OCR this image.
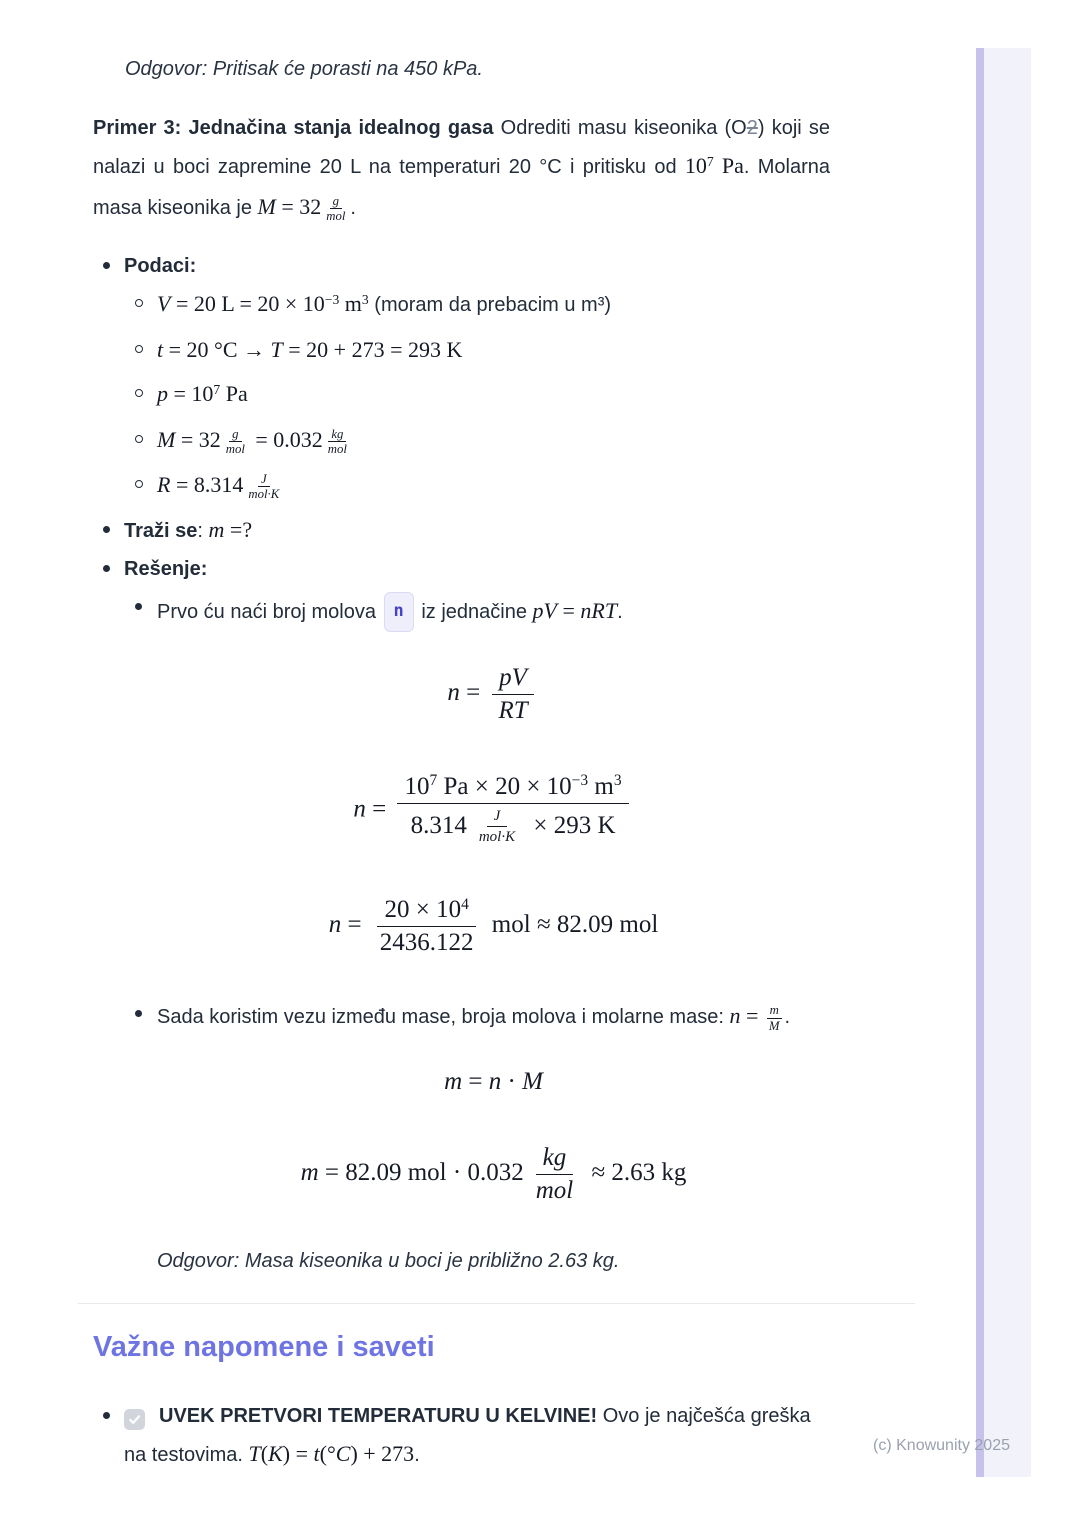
(c) Knowunity 2025

Odgovor: Pritisak će porasti na 450 kPa.

Primer 3: Jednačina stanja idealnog gasa Odrediti masu kiseonika (O2) koji se nalazi u boci zapremine 20 L na temperaturi 20 °C i pritisku od $10^7$ Pa. Molarna masa kiseonika je $M = 32 \frac{g}{\text{mol}}$ .

Podaci:
V = 20 $L = 20 \times 10^{-3}$ $m^3$ (moram da prebacim u m³)
t = 20 °C → T = 20 + 273 = 293 K
$p = 10^7$ Pa
$M = 32 \frac{g}{\text{mol}} = 0.032 \frac{kg}{\text{mol}}$
$R = 8.314 \frac{J}{\text{mol·K}}$
Traži se: m =?
Rešenje:
Prvo ću naći broj molova n iz jednačine pV = nRT.
$n = \frac{pV}{RT}$
$n = \frac{10^7 Pa \times 20 \times 10^{-3} m^3}{8.314 \frac{J}{\text{mol·K}} \times 293 K}$
$n = \frac{20 \times 10^4}{2436.122}$ mol ≈ 82.09 mol
Sada koristim vezu između mase, broja molova i molarne mase: $n = \frac{m}{M}$ .
m = n · M
m = 82.09 mol · $0.032 \frac{kg}{\text{mol}} \approx 2.63$ kg

Odgovor: Masa kiseonika u boci je približno 2.63 kg.

Važne napomene i saveti
UVEK PRETVORI TEMPERATURU U KELVINE! Ovo je najčešća greška na testovima. T(K) = t(°C) + 273.
